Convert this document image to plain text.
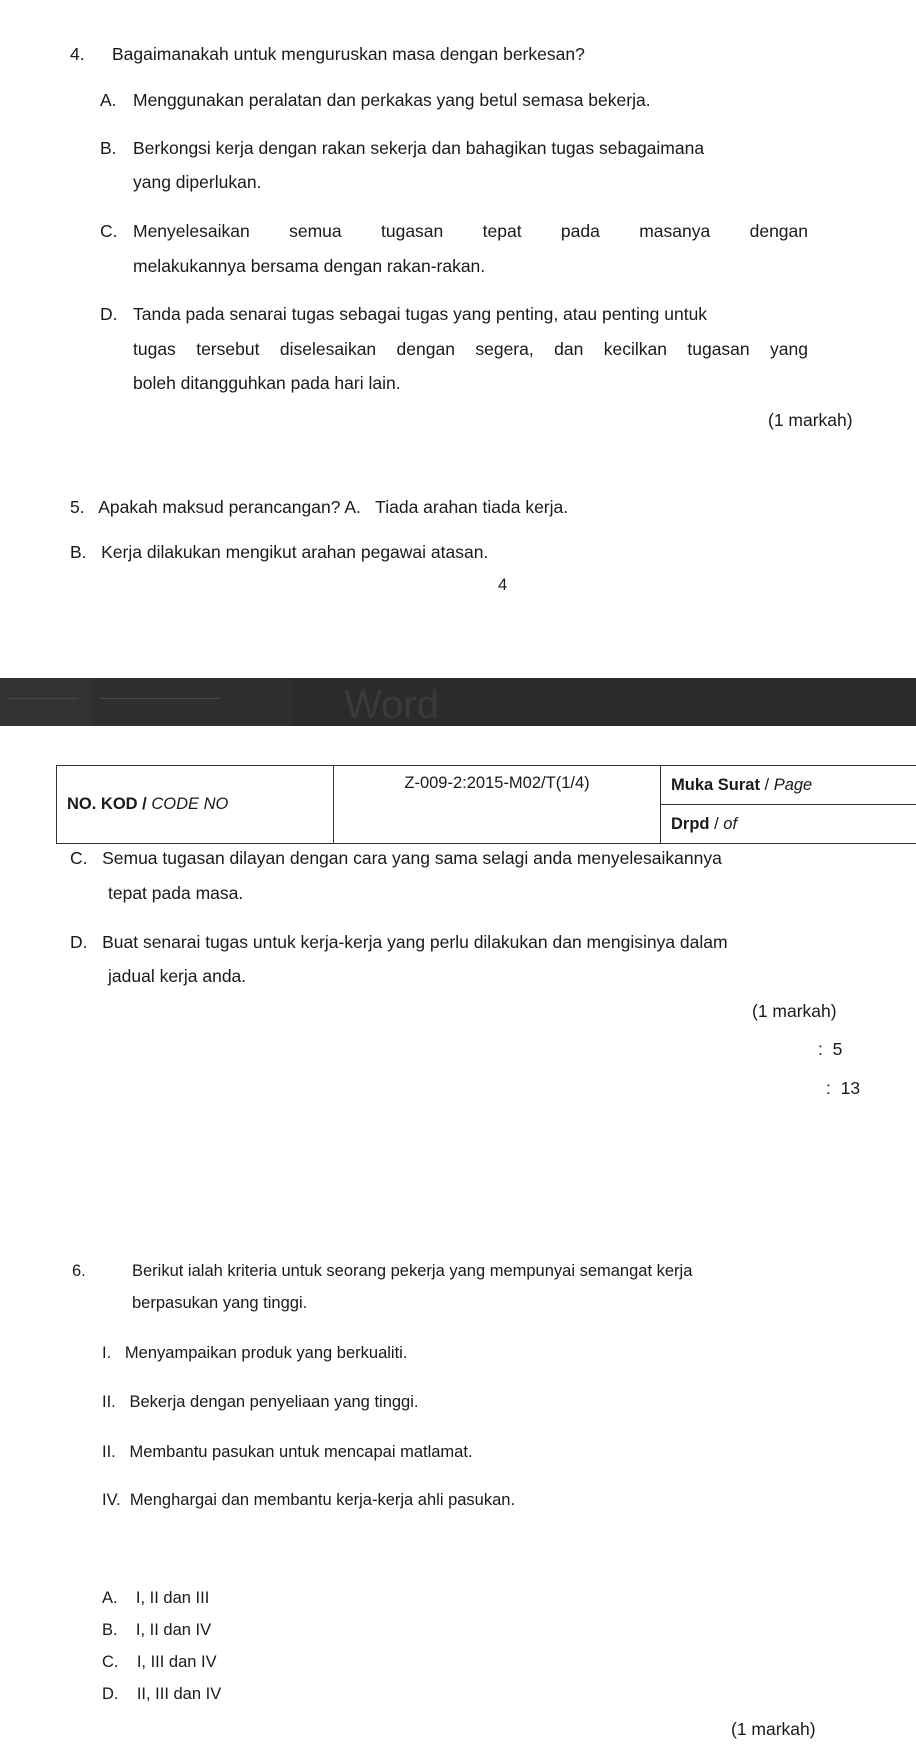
4. Bagaimanakah untuk menguruskan masa dengan berkesan?
A. Menggunakan peralatan dan perkakas yang betul semasa bekerja.
B. Berkongsi kerja dengan rakan sekerja dan bahagikan tugas sebagaimana
yang diperlukan.
C. Menyelesaikan semua tugasan tepat pada masanya dengan
melakukannya bersama dengan rakan-rakan.
D. Tanda pada senarai tugas sebagai tugas yang penting, atau penting untuk
tugas tersebut diselesaikan dengan segera, dan kecilkan tugasan yang
boleh ditangguhkan pada hari lain.
(1 markah)
5.   Apakah maksud perancangan? A.   Tiada arahan tiada kerja.
B.   Kerja dilakukan mengikut arahan pegawai atasan.
4
Word
NO. KOD / CODE NO	Z-009-2:2015-M02/T(1/4)	Muka Surat / Page
Drpd / of
C.   Semua tugasan dilayan dengan cara yang sama selagi anda menyelesaikannya
tepat pada masa.
D.   Buat senarai tugas untuk kerja-kerja yang perlu dilakukan dan mengisinya dalam
jadual kerja anda.
(1 markah)
:  5
:  13
6.	Berikut ialah kriteria untuk seorang pekerja yang mempunyai semangat kerja
berpasukan yang tinggi.
I.   Menyampaikan produk yang berkualiti.
II.   Bekerja dengan penyeliaan yang tinggi.
II.   Membantu pasukan untuk mencapai matlamat.
IV.  Menghargai dan membantu kerja-kerja ahli pasukan.
A.    I, II dan III
B.    I, II dan IV
C.    I, III dan IV
D.    II, III dan IV
(1 markah)
